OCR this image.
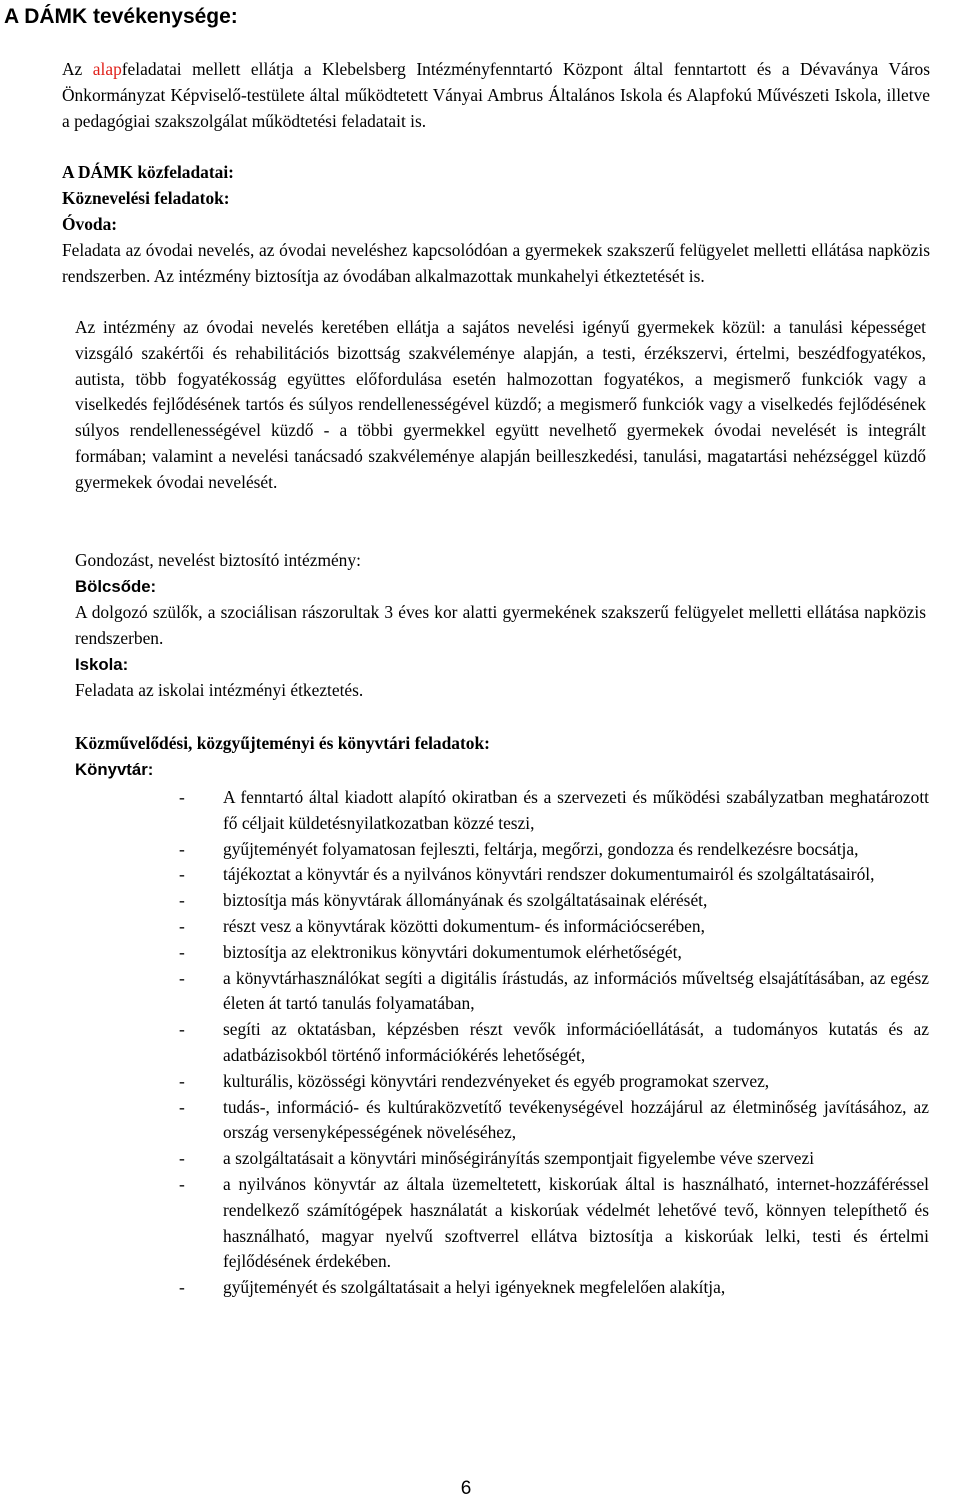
A DÁMK tevékenysége:

Az alapfeladatai mellett ellátja a Klebelsberg Intézményfenntartó Központ által fenntartott és a Dévaványa Város Önkormányzat Képviselő-testülete által működtetett Ványai Ambrus Általános Iskola és Alapfokú Művészeti Iskola, illetve a pedagógiai szakszolgálat működtetési feladatait is.

A DÁMK közfeladatai:

Köznevelési feladatok:

Óvoda:

Feladata az óvodai nevelés, az óvodai neveléshez kapcsolódóan a gyermekek szakszerű felügyelet melletti ellátása napközis rendszerben. Az intézmény biztosítja az óvodában alkalmazottak munkahelyi étkeztetését is.

Az intézmény az óvodai nevelés keretében ellátja a sajátos nevelési igényű gyermekek közül: a tanulási képességet vizsgáló szakértői és rehabilitációs bizottság szakvéleménye alapján, a testi, érzékszervi, értelmi, beszédfogyatékos, autista, több fogyatékosság együttes előfordulása esetén halmozottan fogyatékos, a megismerő funkciók vagy a viselkedés fejlődésének tartós és súlyos rendellenességével küzdő; a megismerő funkciók vagy a viselkedés fejlődésének súlyos rendellenességével küzdő - a többi gyermekkel együtt nevelhető gyermekek óvodai nevelését is integrált formában; valamint a nevelési tanácsadó szakvéleménye alapján beilleszkedési, tanulási, magatartási nehézséggel küzdő gyermekek óvodai nevelését.

Gondozást, nevelést biztosító intézmény:

Bölcsőde:

A dolgozó szülők, a szociálisan rászorultak 3 éves kor alatti gyermekének szakszerű felügyelet melletti ellátása napközis rendszerben.

Iskola:

Feladata az iskolai intézményi étkeztetés.

Közművelődési, közgyűjteményi és könyvtári feladatok:

Könyvtár:

- A fenntartó által kiadott alapító okiratban és a szervezeti és működési szabályzatban meghatározott fő céljait küldetésnyilatkozatban közzé teszi,
- gyűjteményét folyamatosan fejleszti, feltárja, megőrzi, gondozza és rendelkezésre bocsátja,
- tájékoztat a könyvtár és a nyilvános könyvtári rendszer dokumentumairól és szolgáltatásairól,
- biztosítja más könyvtárak állományának és szolgáltatásainak elérését,
- részt vesz a könyvtárak közötti dokumentum- és információcserében,
- biztosítja az elektronikus könyvtári dokumentumok elérhetőségét,
- a könyvtárhasználókat segíti a digitális írástudás, az információs műveltség elsajátításában, az egész életen át tartó tanulás folyamatában,
- segíti az oktatásban, képzésben részt vevők információellátását, a tudományos kutatás és az adatbázisokból történő információkérés lehetőségét,
- kulturális, közösségi könyvtári rendezvényeket és egyéb programokat szervez,
- tudás-, információ- és kultúraközvetítő tevékenységével hozzájárul az életminőség javításához, az ország versenyképességének növeléséhez,
- a szolgáltatásait a könyvtári minőségirányítás szempontjait figyelembe véve szervezi
- a nyilvános könyvtár az általa üzemeltetett, kiskorúak által is használható, internet-hozzáféréssel rendelkező számítógépek használatát a kiskorúak védelmét lehetővé tevő, könnyen telepíthető és használható, magyar nyelvű szoftverrel ellátva biztosítja a kiskorúak lelki, testi és értelmi fejlődésének érdekében.
- gyűjteményét és szolgáltatásait a helyi igényeknek megfelelően alakítja,
6
